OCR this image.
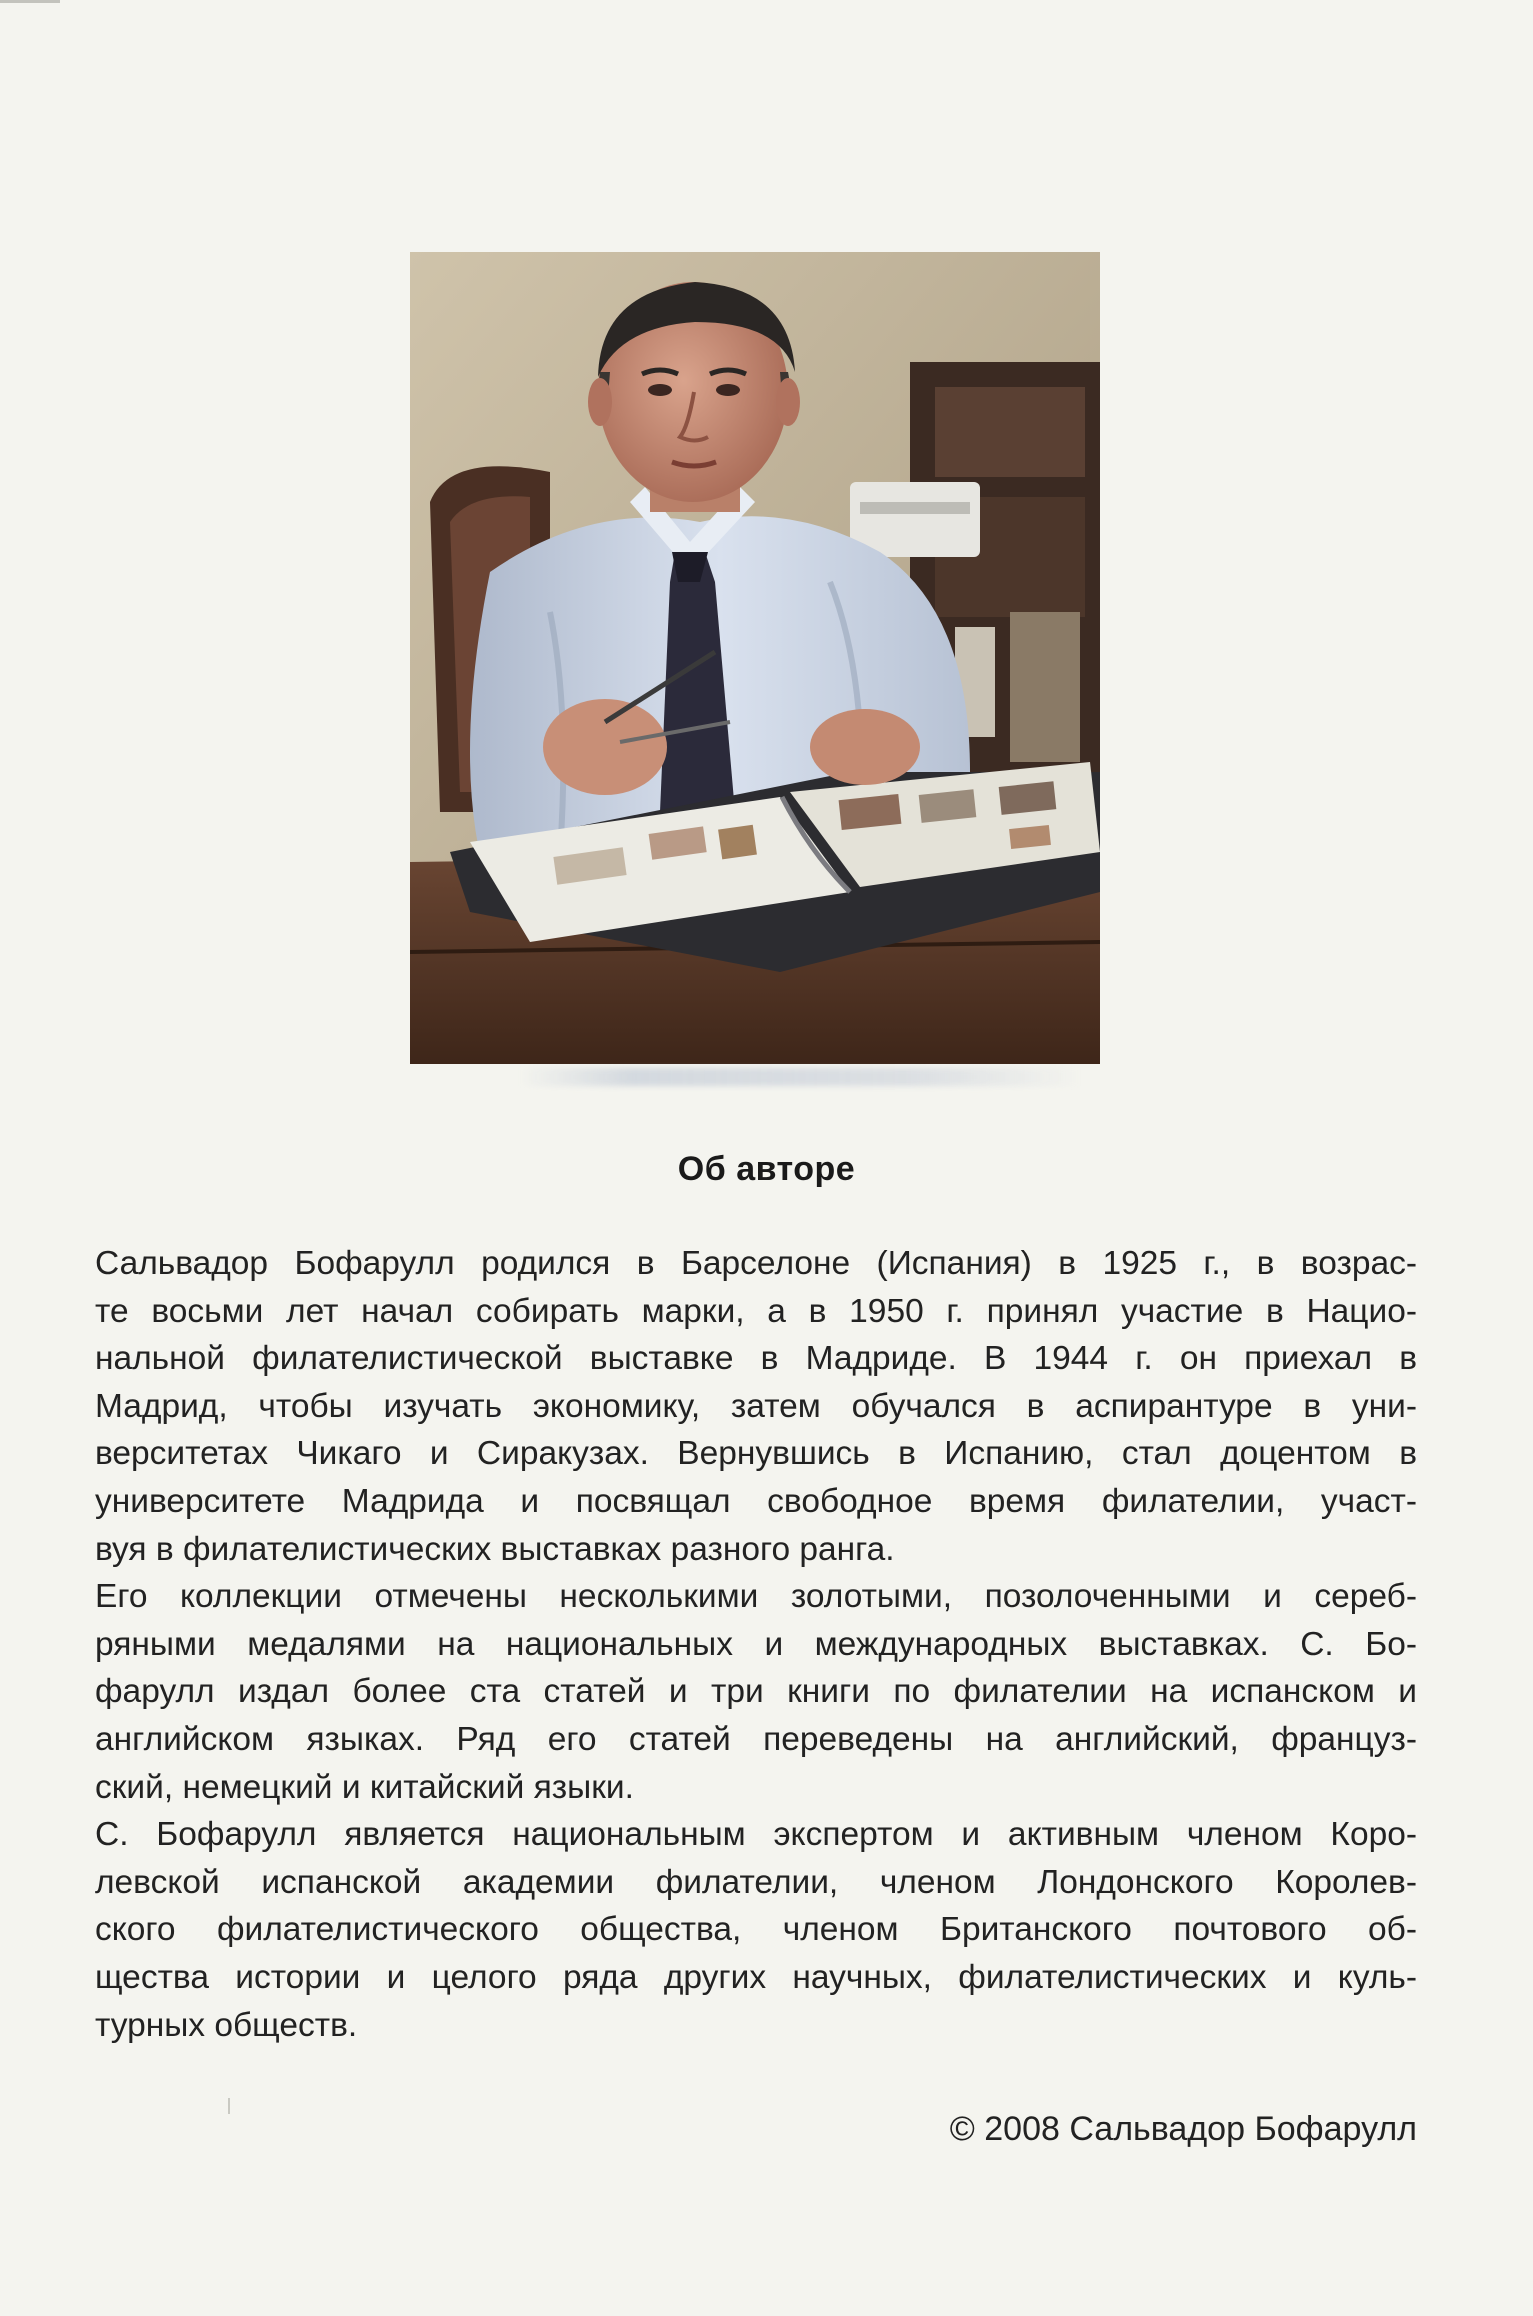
Об авторе
Сальвадор Бофарулл родился в Барселоне (Испания) в 1925 г., в возрас-
те восьми лет начал собирать марки, а в 1950 г. принял участие в Нацио-
нальной филателистической выставке в Мадриде. В 1944 г. он приехал в
Мадрид, чтобы изучать экономику, затем обучался в аспирантуре в уни-
верситетах Чикаго и Сиракузах. Вернувшись в Испанию, стал доцентом в
университете Мадрида и посвящал свободное время филателии, участ-
вуя в филателистических выставках разного ранга.
Его коллекции отмечены несколькими золотыми, позолоченными и сереб-
ряными медалями на национальных и международных выставках. С. Бо-
фарулл издал более ста статей и три книги по филателии на испанском и
английском языках. Ряд его статей переведены на английский, француз-
ский, немецкий и китайский языки.
С. Бофарулл является национальным экспертом и активным членом Коро-
левской испанской академии филателии, членом Лондонского Королев-
ского филателистического общества, членом Британского почтового об-
щества истории и целого ряда других научных, филателистических и куль-
турных обществ.

© 2008 Сальвадор Бофарулл
